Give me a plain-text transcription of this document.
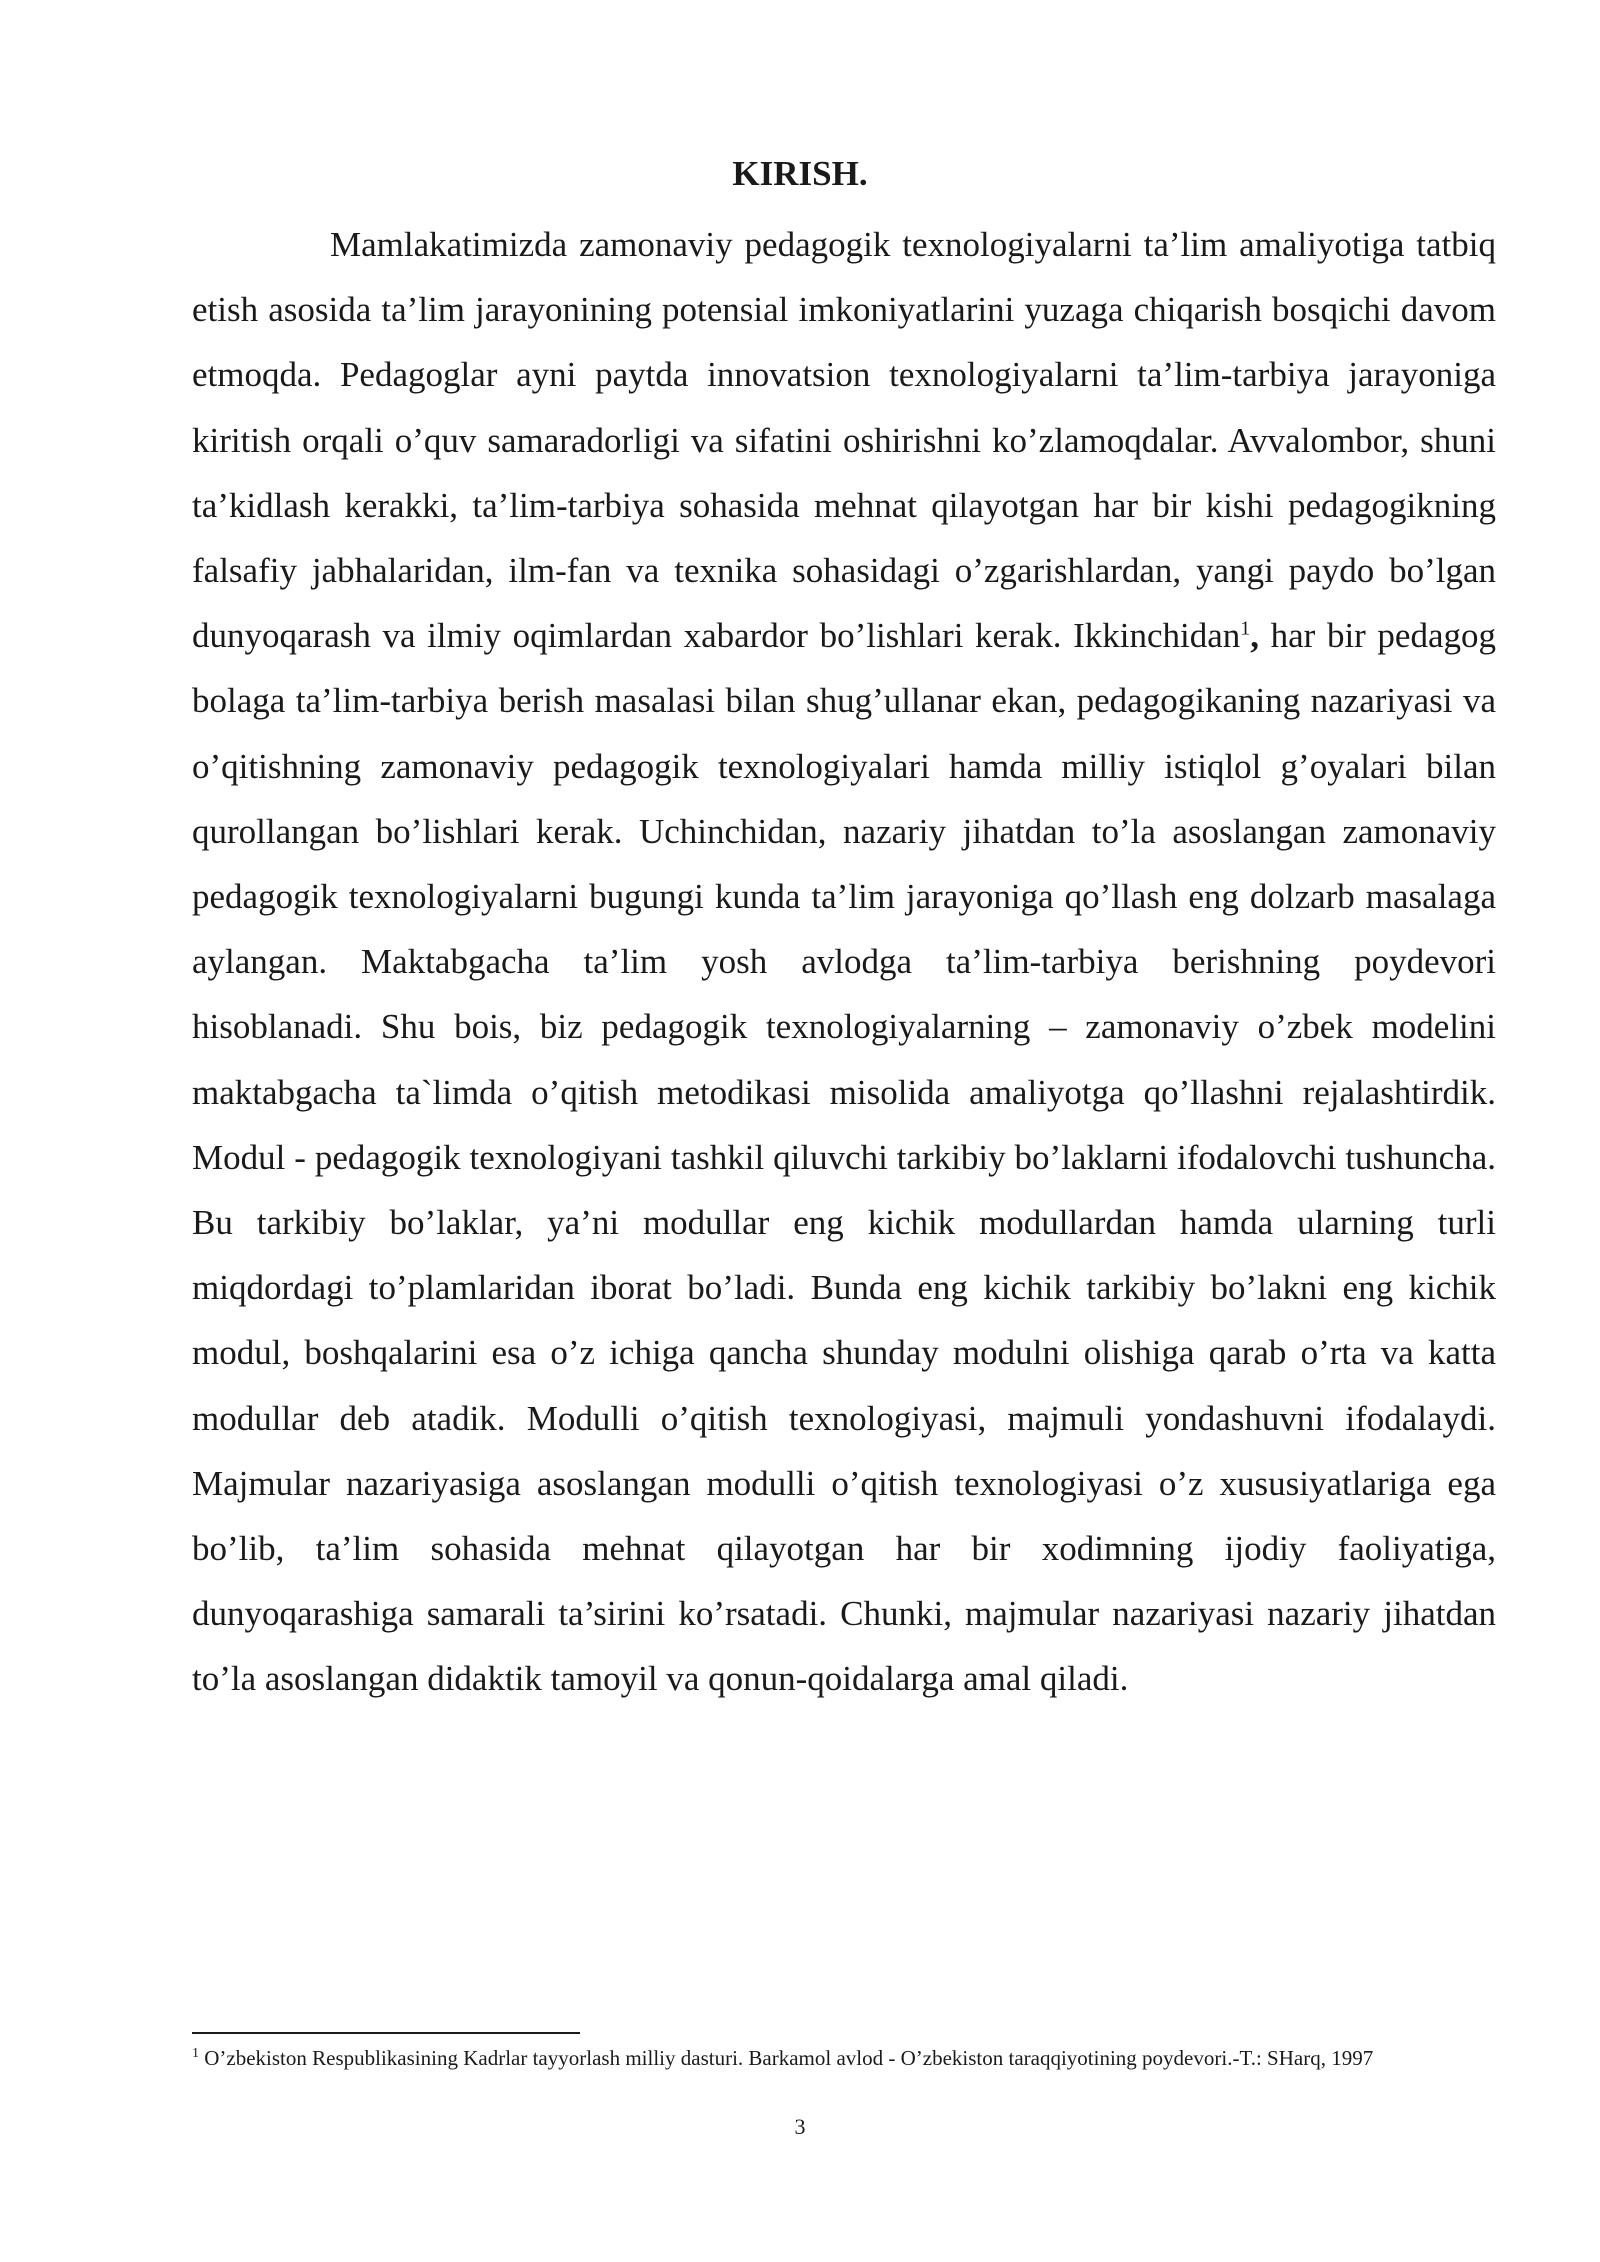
KIRISH.

Mamlakatimizda zamonaviy pedagogik texnologiyalarni ta’lim amaliyotiga tatbiq etish asosida ta’lim jarayonining potensial imkoniyatlarini yuzaga chiqarish bosqichi davom etmoqda. Pedagoglar ayni paytda innovatsion texnologiyalarni ta’lim-tarbiya jarayoniga kiritish orqali o’quv samaradorligi va sifatini oshirishni ko’zlamoqdalar. Avvalombor, shuni ta’kidlash kerakki, ta’lim-tarbiya sohasida mehnat qilayotgan har bir kishi pedagogikning falsafiy jabhalaridan, ilm-fan va texnika sohasidagi o’zgarishlardan, yangi paydo bo’lgan dunyoqarash va ilmiy oqimlardan xabardor bo’lishlari kerak. Ikkinchidan$^1$, har bir pedagog bolaga ta’lim-tarbiya berish masalasi bilan shug’ullanar ekan, pedagogikaning nazariyasi va o’qitishning zamonaviy pedagogik texnologiyalari hamda milliy istiqlol g’oyalari bilan qurollangan bo’lishlari kerak. Uchinchidan, nazariy jihatdan to’la asoslangan zamonaviy pedagogik texnologiyalarni bugungi kunda ta’lim jarayoniga qo’llash eng dolzarb masalaga aylangan. Maktabgacha ta’lim yosh avlodga ta’lim-tarbiya berishning poydevori hisoblanadi. Shu bois, biz pedagogik texnologiyalarning – zamonaviy o’zbek modelini maktabgacha ta`limda o’qitish metodikasi misolida amaliyotga qo’llashni rejalashtirdik. Modul - pedagogik texnologiyani tashkil qiluvchi tarkibiy bo’laklarni ifodalovchi tushuncha. Bu tarkibiy bo’laklar, ya’ni modullar eng kichik modullardan hamda ularning turli miqdordagi to’plamlaridan iborat bo’ladi. Bunda eng kichik tarkibiy bo’lakni eng kichik modul, boshqalarini esa o’z ichiga qancha shunday modulni olishiga qarab o’rta va katta modullar deb atadik. Modulli o’qitish texnologiyasi, majmuli yondashuvni ifodalaydi. Majmular nazariyasiga asoslangan modulli o’qitish texnologiyasi o’z xususiyatlariga ega bo’lib, ta’lim sohasida mehnat qilayotgan har bir xodimning ijodiy faoliyatiga, dunyoqarashiga samarali ta’sirini ko’rsatadi. Chunki, majmular nazariyasi nazariy jihatdan to’la asoslangan didaktik tamoyil va qonun-qoidalarga amal qiladi.

$^1$ O’zbekiston Respublikasining Kadrlar tayyorlash milliy dasturi. Barkamol avlod - O’zbekiston taraqqiyotining poydevori.-T.: SHarq, 1997

3
